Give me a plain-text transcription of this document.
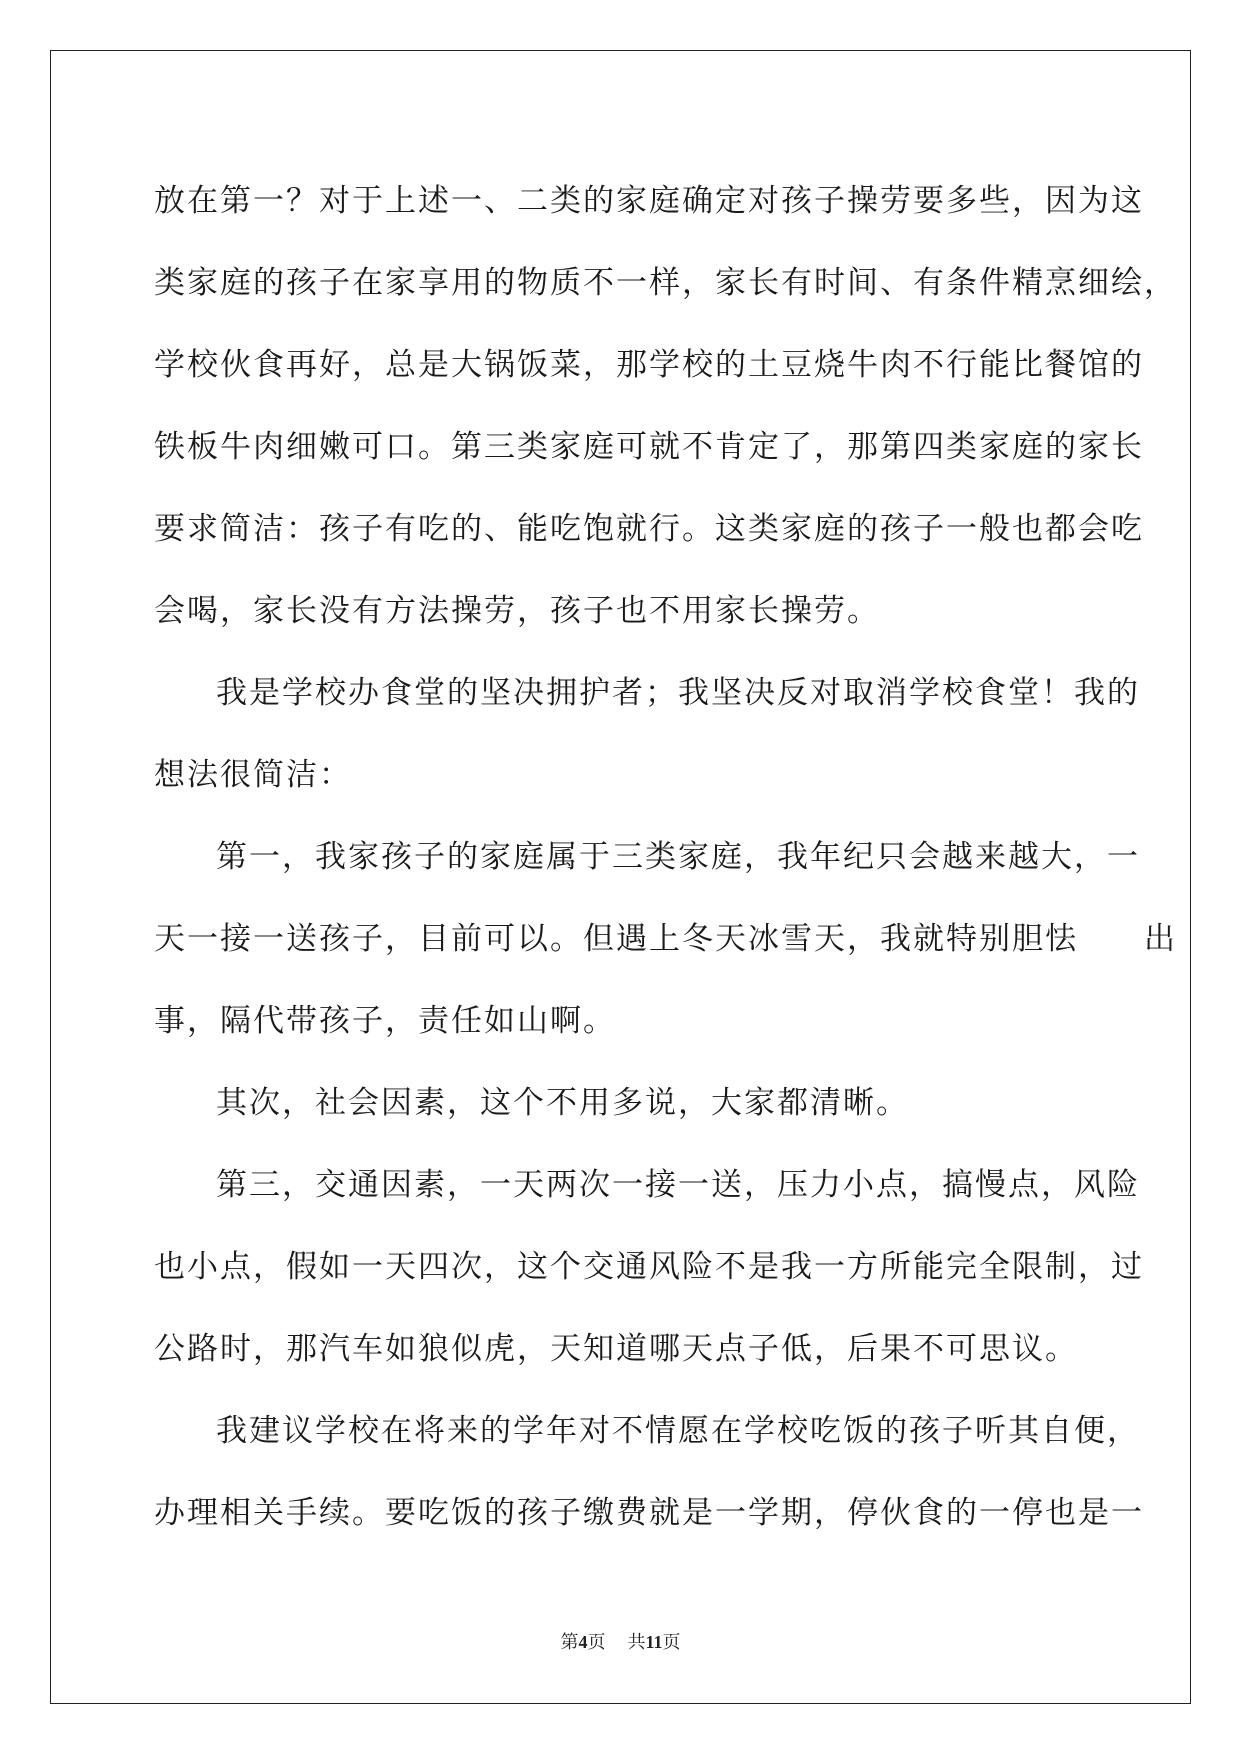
放在第一？对于上述一、二类的家庭确定对孩子操劳要多些，因为这
类家庭的孩子在家享用的物质不一样，家长有时间、有条件精烹细绘，
学校伙食再好，总是大锅饭菜，那学校的土豆烧牛肉不行能比餐馆的
铁板牛肉细嫩可口。第三类家庭可就不肯定了，那第四类家庭的家长
要求简洁：孩子有吃的、能吃饱就行。这类家庭的孩子一般也都会吃
会喝，家长没有方法操劳，孩子也不用家长操劳。
我是学校办食堂的坚决拥护者；我坚决反对取消学校食堂！我的
想法很简洁：
第一，我家孩子的家庭属于三类家庭，我年纪只会越来越大，一
天一接一送孩子，目前可以。但遇上冬天冰雪天，我就特别胆怯　　出
事，隔代带孩子，责任如山啊。
其次，社会因素，这个不用多说，大家都清晰。
第三，交通因素，一天两次一接一送，压力小点，搞慢点，风险
也小点，假如一天四次，这个交通风险不是我一方所能完全限制，过
公路时，那汽车如狼似虎，天知道哪天点子低，后果不可思议。
我建议学校在将来的学年对不情愿在学校吃饭的孩子听其自便，
办理相关手续。要吃饭的孩子缴费就是一学期，停伙食的一停也是一
第4页 共11页
